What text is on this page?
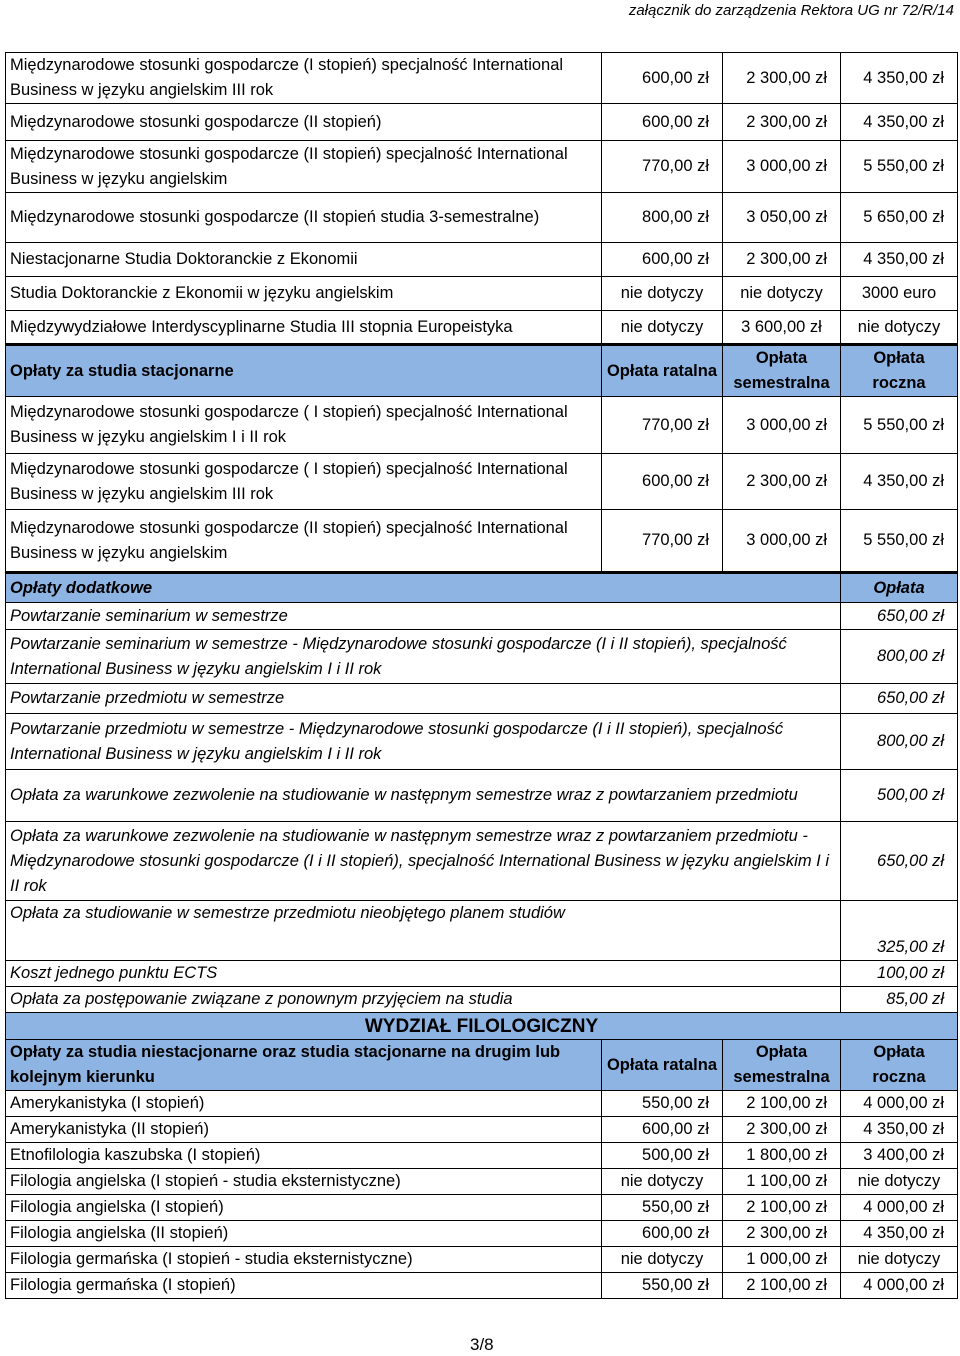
załącznik do zarządzenia Rektora UG nr 72/R/14
Międzynarodowe stosunki gospodarcze (I stopień) specjalność International Business w języku angielskim III rok	600,00 zł	2 300,00 zł	4 350,00 zł
Międzynarodowe stosunki gospodarcze (II stopień)	600,00 zł	2 300,00 zł	4 350,00 zł
Międzynarodowe stosunki gospodarcze (II stopień) specjalność International Business w języku angielskim	770,00 zł	3 000,00 zł	5 550,00 zł
Międzynarodowe stosunki gospodarcze (II stopień studia 3-semestralne)	800,00 zł	3 050,00 zł	5 650,00 zł
Niestacjonarne Studia Doktoranckie z Ekonomii	600,00 zł	2 300,00 zł	4 350,00 zł
Studia Doktoranckie z Ekonomii w języku angielskim	nie dotyczy	nie dotyczy	3000 euro
Międzywydziałowe Interdyscyplinarne Studia III stopnia Europeistyka	nie dotyczy	3 600,00 zł	nie dotyczy
Opłaty za studia stacjonarne	Opłata ratalna	Opłata semestralna	Opłata roczna
Międzynarodowe stosunki gospodarcze ( I stopień) specjalność International Business w języku angielskim I i II rok	770,00 zł	3 000,00 zł	5 550,00 zł
Międzynarodowe stosunki gospodarcze ( I stopień) specjalność International Business w języku angielskim III rok	600,00 zł	2 300,00 zł	4 350,00 zł
Międzynarodowe stosunki gospodarcze (II stopień) specjalność International Business w języku angielskim	770,00 zł	3 000,00 zł	5 550,00 zł
Opłaty dodatkowe			Opłata
Powtarzanie seminarium w semestrze			650,00 zł
Powtarzanie seminarium w semestrze - Międzynarodowe stosunki gospodarcze (I i II stopień), specjalność International Business w języku angielskim I i II rok			800,00 zł
Powtarzanie przedmiotu w semestrze			650,00 zł
Powtarzanie przedmiotu w semestrze - Międzynarodowe stosunki gospodarcze (I i II stopień), specjalność International Business w języku angielskim I i II rok			800,00 zł
Opłata za warunkowe zezwolenie na studiowanie w następnym semestrze wraz z powtarzaniem przedmiotu			500,00 zł
Opłata za warunkowe zezwolenie na studiowanie w następnym semestrze wraz z powtarzaniem przedmiotu - Międzynarodowe stosunki gospodarcze (I i II stopień), specjalność International Business w języku angielskim I i II rok			650,00 zł
Opłata za studiowanie w semestrze przedmiotu nieobjętego planem studiów			325,00 zł
Koszt jednego punktu ECTS			100,00 zł
Opłata za postępowanie związane z ponownym przyjęciem na studia			85,00 zł
WYDZIAŁ FILOLOGICZNY			
Opłaty za studia niestacjonarne oraz studia stacjonarne na drugim lub kolejnym kierunku	Opłata ratalna	Opłata semestralna	Opłata roczna
Amerykanistyka (I stopień)	550,00 zł	2 100,00 zł	4 000,00 zł
Amerykanistyka (II stopień)	600,00 zł	2 300,00 zł	4 350,00 zł
Etnofilologia kaszubska (I stopień)	500,00 zł	1 800,00 zł	3 400,00 zł
Filologia angielska (I stopień - studia eksternistyczne)	nie dotyczy	1 100,00 zł	nie dotyczy
Filologia angielska (I stopień)	550,00 zł	2 100,00 zł	4 000,00 zł
Filologia angielska (II stopień)	600,00 zł	2 300,00 zł	4 350,00 zł
Filologia germańska (I stopień - studia eksternistyczne)	nie dotyczy	1 000,00 zł	nie dotyczy
Filologia germańska (I stopień)	550,00 zł	2 100,00 zł	4 000,00 zł
3/8
